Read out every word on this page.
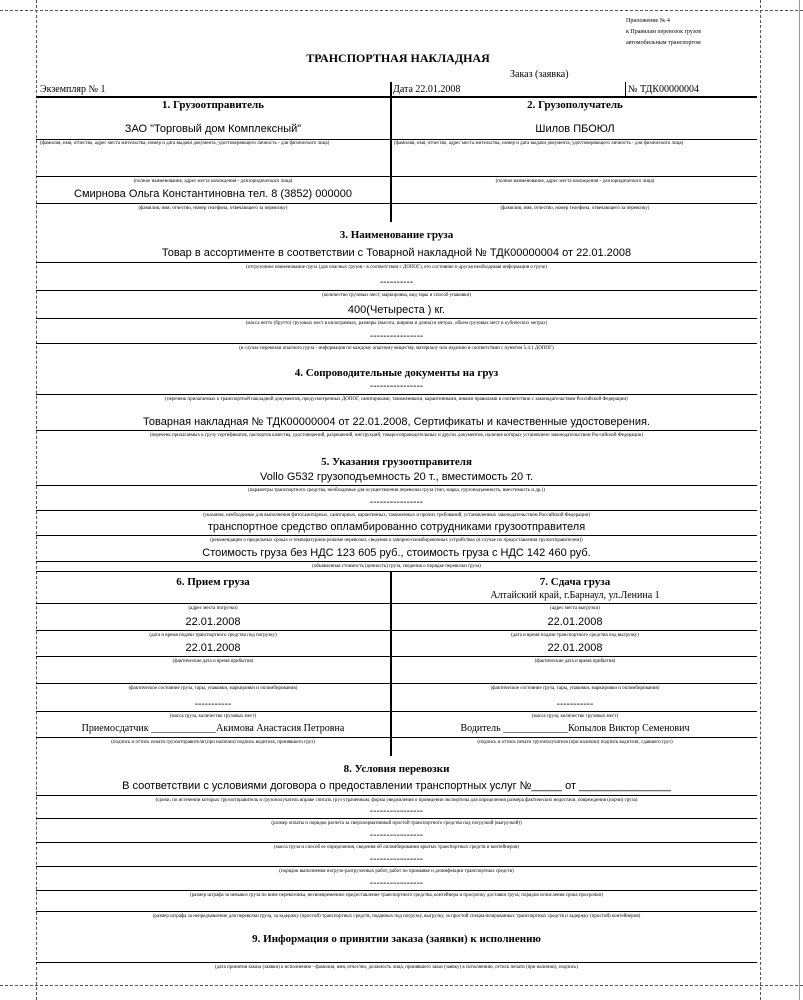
Приложение № 4
к Правилам перевозок грузов
автомобильным транспортом
ТРАНСПОРТНАЯ НАКЛАДНАЯ
Заказ (заявка)
Экземпляр № 1	Дата 22.01.2008	№ ТДК00000004
1. Грузоотправитель
ЗАО "Торговый дом Комплексный"
(фамилия, имя, отчество, адрес места жительства, номер и дата выдачи документа, удостоверяющего личность - для физического лица)
(полное наименование, адрес места нахождения - для юридического лица)
Смирнова Ольга Константиновна тел. 8 (3852) 000000
(фамилия, имя, отчество, номер телефона, отвечающего за перевозку)
2. Грузополучатель
Шилов ПБОЮЛ
(фамилия, имя, отчество, адрес места жительства, номер и дата выдачи документа, удостоверяющего личность - для физического лица)
(полное наименование, адрес места нахождения - для юридического лица)
(фамилия, имя, отчество, номер телефона, отвечающего за перевозку)
3. Наименование груза
Товар в ассортименте в соответствии с Товарной накладной № ТДК00000004 от 22.01.2008
(отгрузочное наименование груза (для опасных грузов - в соответствии с ДОПОГ), его состояние и другая необходимая информация о грузе)
----------
(количество грузовых мест, маркировка, вид тары и способ упаковки)
400(Четыреста ) кг.
(масса нетто (брутто) грузовых мест в килограммах, размеры (высота, ширина и длина) в метрах, объем грузовых мест в кубических метрах)
----------------
(в случае перевозки опасного груза - информация по каждому опасному веществу, материалу или изделию в соответствии с пунктом 5.4.1 ДОПОГ)
4. Сопроводительные документы на груз
----------------
(перечень прилагаемых к транспортной накладной документов, предусмотренных ДОПОГ, санитарными, таможенными, карантинными, иными правилами в соответствии с законодательством Российской Федерации)
Товарная накладная № ТДК00000004 от 22.01.2008, Сертификаты и качественные удостоверения.
(перечень прилагаемых к грузу сертификатов, паспортов качества, удостоверений, разрешений, инструкций, товаросопроводительных и других документов, наличие которых установлено законодательством Российской Федерации)
5. Указания грузоотправителя
Vollo G532 грузоподъемность 20 т., вместимость 20 т.
(параметры транспортного средства, необходимые для осуществления перевозки груза (тип, марка, грузоподъемность, вместимость и др.))
----------------
(указания, необходимые для выполнения фитосанитарных, санитарных, карантинных, таможенных и прочих требований, установленных законодательством Российской Федерации)
транспортное средство опламбированно сотрудниками грузоотправителя
(рекомендации о предельных сроках и температурном режиме перевозки, сведения о запорно-пломбировочных устройствах (в случае их предоставления грузоотправителем))
Стоимость груза без НДС 123 605 руб., стоимость груза с НДС 142 460 руб.
(объявленная стоимость (ценность) груза, сведения о порядке перевозки груза)
6. Прием груза
(адрес места погрузки)
22.01.2008
(дата и время подачи транспортного средства под погрузку)
22.01.2008
(фактические дата и время прибытия)
(фактическое состояние груза, тары, упаковки, маркировки и опломбирования)
-----------
(масса груза, количество грузовых мест)
Приемосдатчик _____________Акимова Анастасия Петровна
(подпись и оттиск печати грузоотправителя (при наличии) подпись водителя, принявшего груз)
7. Сдача груза
Алтайский край, г.Барнаул, ул.Ленина 1
(адрес места выгрузки)
22.01.2008
(дата и время подачи транспортного средства под выгрузку)
22.01.2008
(фактические дата и время прибытия)
(фактическое состояние груза, тары, упаковки, маркировки и опломбирования)
-----------
(масса груза, количество грузовых мест)
Водитель _____________Копылов Виктор Семенович
(подпись и оттиск печати грузополучателя (при наличии) подпись водителя, сдавшего груз)
8. Условия перевозки
В соответствии с условиями договора о предоставлении транспортных услуг №_____ от _______________
(сроки, по истечении которых грузоотправитель и грузополучатель вправе считать груз утраченным, форма уведомления о проведении экспертизы для определения размера фактических недостачи, повреждения (порчи) груза)
----------------
(размер оплаты и порядок расчета за сверхнормативный простой транспортного средства под погрузкой (выгрузкой))
----------------
(масса груза и способ ее определения, сведения об опломбировании крытых транспортных средств и контейнеров)
----------------
(порядок выполнения погрузо-разгрузочных работ, работ по промывке и дезинфекции транспортных средств)
----------------
(размер штрафа за невывоз груза по вине перевозчика, несвоевременное предоставление транспортного средства, контейнера и просрочку доставки груза; порядок исчисления срока просрочки)
(размер штрафа за непредъявление для перевозки груза, за задержку (простой) транспортных средств, поданных под погрузку, выгрузку, за простой специализированных транспортных средств и задержку (простой) контейнеров)
9. Информация о принятии заказа (заявки) к исполнению
(дата принятия заказа (заявки) к исполнению - фамилия, имя, отчество, должность лица, принявшего заказ (заявку) к исполнению, оттиск печати (при наличии), подпись)
